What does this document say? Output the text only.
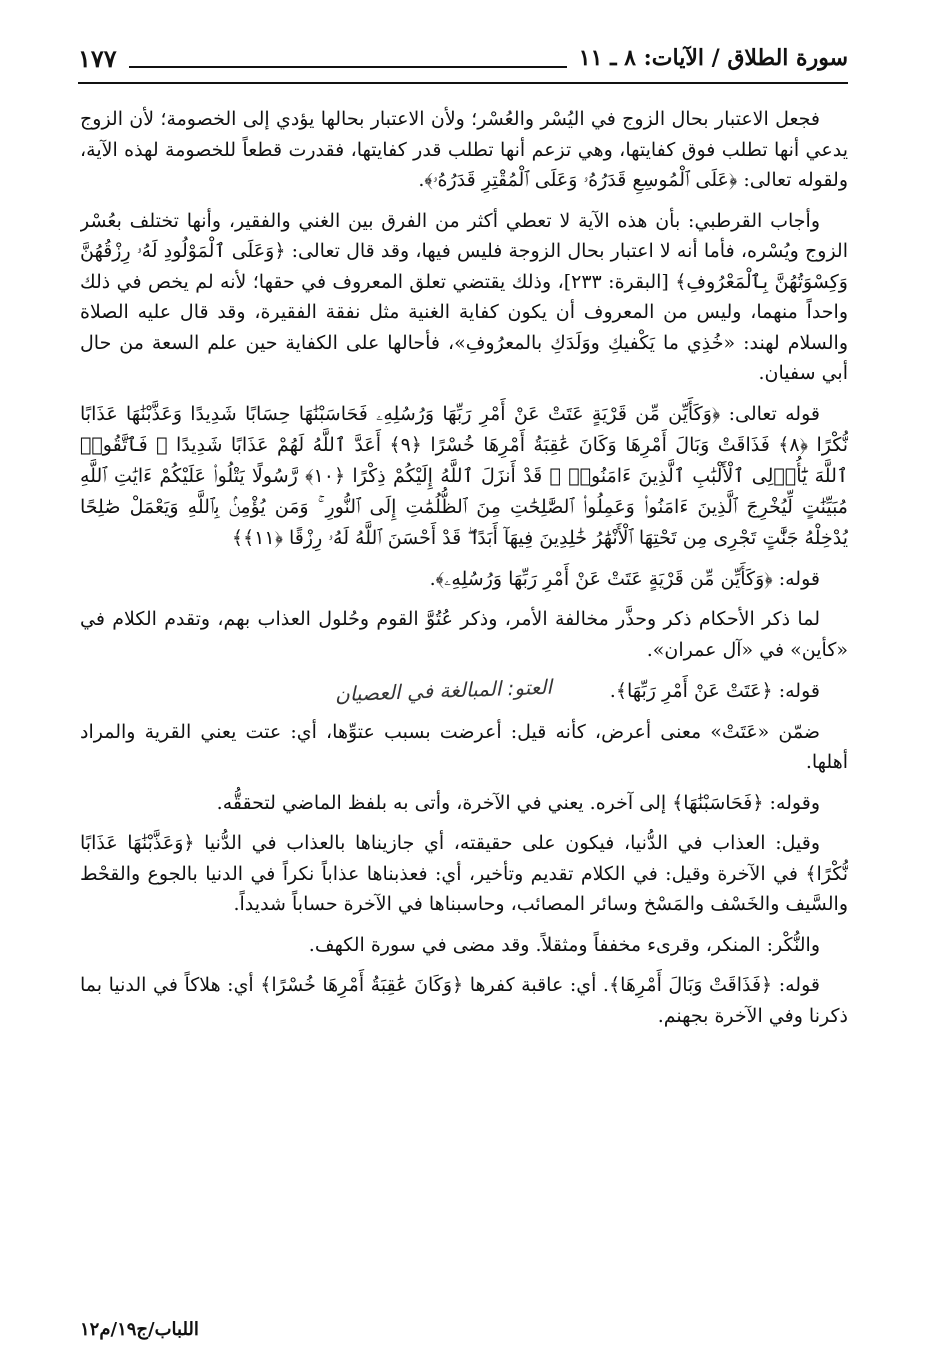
سورة الطلاق / الآيات: ٨ ـ ١١
١٧٧

فجعل الاعتبار بحال الزوج في اليُسْر والعُسْر؛ ولأن الاعتبار بحالها يؤدي إلى الخصومة؛ لأن الزوج يدعي أنها تطلب فوق كفايتها، وهي تزعم أنها تطلب قدر كفايتها، فقدرت قطعاً للخصومة لهذه الآية، ولقوله تعالى: ﴿عَلَى ٱلْمُوسِعِ قَدَرُهُۥ وَعَلَى ٱلْمُقْتِرِ قَدَرُهُۥ﴾.

وأجاب القرطبي: بأن هذه الآية لا تعطي أكثر من الفرق بين الغني والفقير، وأنها تختلف بعُسْر الزوج ويُسْره، فأما أنه لا اعتبار بحال الزوجة فليس فيها، وقد قال تعالى: ﴿وَعَلَى ٱلْمَوْلُودِ لَهُۥ رِزْقُهُنَّ وَكِسْوَتُهُنَّ بِٱلْمَعْرُوفِ﴾ [البقرة: ٢٣٣]، وذلك يقتضي تعلق المعروف في حقها؛ لأنه لم يخص في ذلك واحداً منهما، وليس من المعروف أن يكون كفاية الغنية مثل نفقة الفقيرة، وقد قال عليه الصلاة والسلام لهند: «خُذِي ما يَكْفيكِ ووَلَدَكِ بالمعرُوفِ»، فأحالها على الكفاية حين علم السعة من حال أبي سفيان.

قوله تعالى: ﴿وَكَأَيِّن مِّن قَرْيَةٍ عَتَتْ عَنْ أَمْرِ رَبِّهَا وَرُسُلِهِۦ فَحَاسَبْنَٰهَا حِسَابًا شَدِيدًا وَعَذَّبْنَٰهَا عَذَابًا نُّكْرًا ﴿٨﴾ فَذَاقَتْ وَبَالَ أَمْرِهَا وَكَانَ عَٰقِبَةُ أَمْرِهَا خُسْرًا ﴿٩﴾ أَعَدَّ ٱللَّهُ لَهُمْ عَذَابًا شَدِيدًا ۖ فَٱتَّقُوا۟ ٱللَّهَ يَٰٓأُو۟لِى ٱلْأَلْبَٰبِ ٱلَّذِينَ ءَامَنُوا۟ ۚ قَدْ أَنزَلَ ٱللَّهُ إِلَيْكُمْ ذِكْرًا ﴿١٠﴾ رَّسُولًا يَتْلُوا۟ عَلَيْكُمْ ءَايَٰتِ ٱللَّهِ مُبَيِّنَٰتٍ لِّيُخْرِجَ ٱلَّذِينَ ءَامَنُوا۟ وَعَمِلُوا۟ ٱلصَّٰلِحَٰتِ مِنَ ٱلظُّلُمَٰتِ إِلَى ٱلنُّورِ ۚ وَمَن يُؤْمِنۢ بِٱللَّهِ وَيَعْمَلْ صَٰلِحًا يُدْخِلْهُ جَنَّٰتٍ تَجْرِى مِن تَحْتِهَا ٱلْأَنْهَٰرُ خَٰلِدِينَ فِيهَآ أَبَدًا ۖ قَدْ أَحْسَنَ ٱللَّهُ لَهُۥ رِزْقًا ﴿١١﴾﴾

قوله: ﴿وَكَأَيِّن مِّن قَرْيَةٍ عَتَتْ عَنْ أَمْرِ رَبِّهَا وَرُسُلِهِۦ﴾.

لما ذكر الأحكام ذكر وحذَّر مخالفة الأمر، وذكر عُتُوَّ القوم وحُلول العذاب بهم، وتقدم الكلام في «كأين» في «آل عمران».

قوله: ﴿عَتَتْ عَنْ أَمْرِ رَبِّهَا﴾. العتو: المبالغة في العصيان

ضمّن «عَتَتْ» معنى أعرض، كأنه قيل: أعرضت بسبب عتوِّها، أي: عتت يعني القرية والمراد أهلها.

وقوله: ﴿فَحَاسَبْنَٰهَا﴾ إلى آخره. يعني في الآخرة، وأتى به بلفظ الماضي لتحققُّه.

وقيل: العذاب في الدُّنيا، فيكون على حقيقته، أي جازيناها بالعذاب في الدُّنيا ﴿وَعَذَّبْنَٰهَا عَذَابًا نُّكْرًا﴾ في الآخرة وقيل: في الكلام تقديم وتأخير، أي: فعذبناها عذاباً نكراً في الدنيا بالجوع والقحْط والسَّيف والخَسْف والمَسْخ وسائر المصائب، وحاسبناها في الآخرة حساباً شديداً.

والنُّكْر: المنكر، وقرىء مخففاً ومثقلاً. وقد مضى في سورة الكهف.

قوله: ﴿فَذَاقَتْ وَبَالَ أَمْرِهَا﴾. أي: عاقبة كفرها ﴿وَكَانَ عَٰقِبَةُ أَمْرِهَا خُسْرًا﴾ أي: هلاكاً في الدنيا بما ذكرنا وفي الآخرة بجهنم.

اللباب/ج١٩/م١٢
